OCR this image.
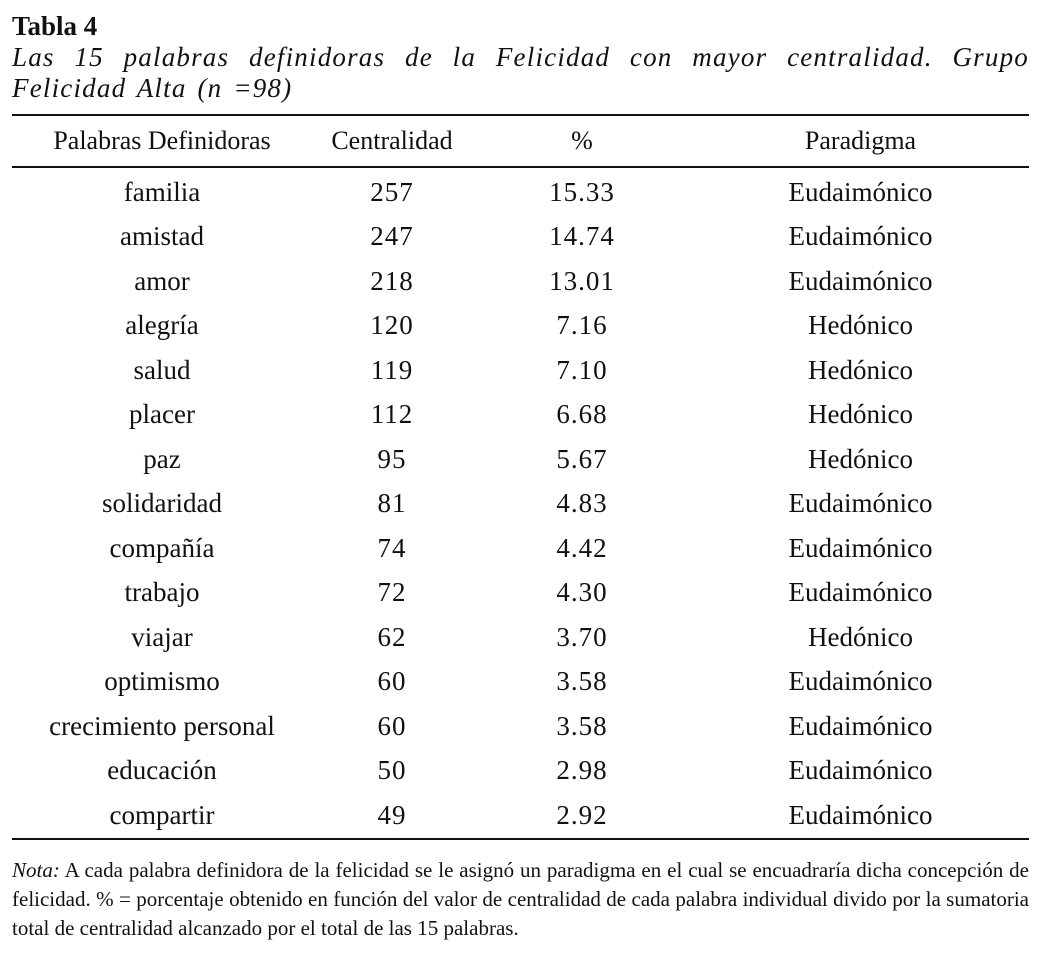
Tabla 4

Las 15 palabras definidoras de la Felicidad con mayor centralidad. Grupo Felicidad Alta (n =98)

Palabras Definidoras	Centralidad	%	Paradigma
familia	257	15.33	Eudaimónico
amistad	247	14.74	Eudaimónico
amor	218	13.01	Eudaimónico
alegría	120	7.16	Hedónico
salud	119	7.10	Hedónico
placer	112	6.68	Hedónico
paz	95	5.67	Hedónico
solidaridad	81	4.83	Eudaimónico
compañía	74	4.42	Eudaimónico
trabajo	72	4.30	Eudaimónico
viajar	62	3.70	Hedónico
optimismo	60	3.58	Eudaimónico
crecimiento personal	60	3.58	Eudaimónico
educación	50	2.98	Eudaimónico
compartir	49	2.92	Eudaimónico

Nota: A cada palabra definidora de la felicidad se le asignó un paradigma en el cual se encuadraría dicha concepción de felicidad. % = porcentaje obtenido en función del valor de centralidad de cada palabra individual divido por la sumatoria total de centralidad alcanzado por el total de las 15 palabras.
